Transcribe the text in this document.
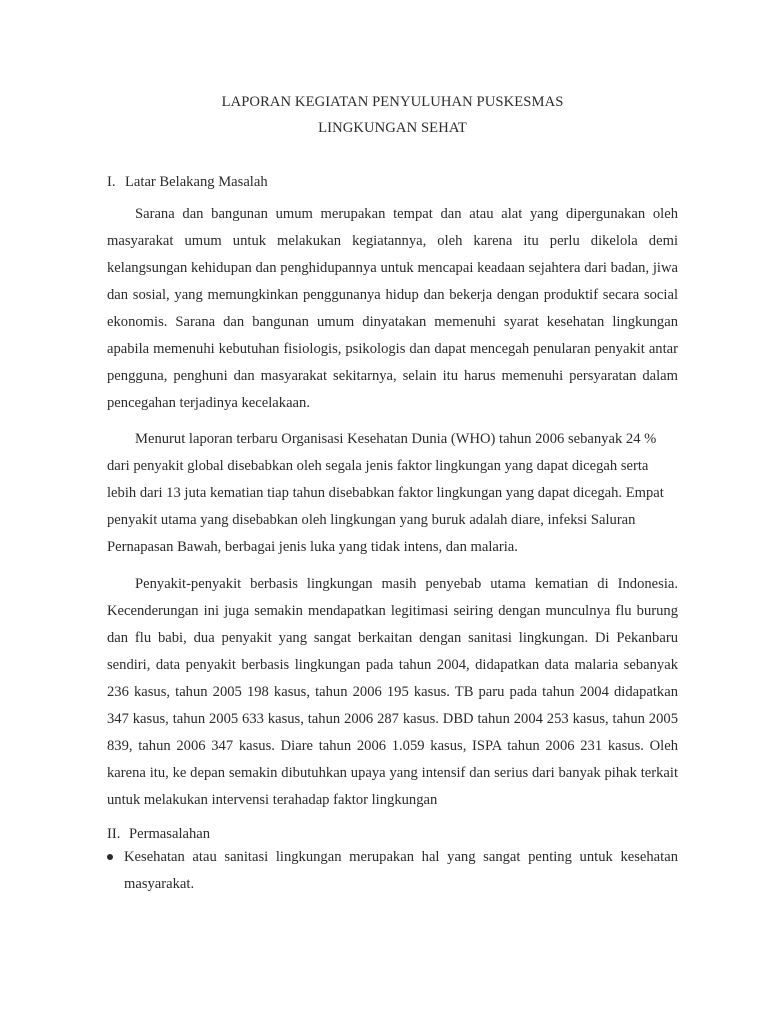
LAPORAN KEGIATAN PENYULUHAN PUSKESMAS
LINGKUNGAN SEHAT
I. Latar Belakang Masalah

Sarana dan bangunan umum merupakan tempat dan atau alat yang dipergunakan oleh masyarakat umum untuk melakukan kegiatannya, oleh karena itu perlu dikelola demi kelangsungan kehidupan dan penghidupannya untuk mencapai keadaan sejahtera dari badan, jiwa dan sosial, yang memungkinkan penggunanya hidup dan bekerja dengan produktif secara social ekonomis. Sarana dan bangunan umum dinyatakan memenuhi syarat kesehatan lingkungan apabila memenuhi kebutuhan fisiologis, psikologis dan dapat mencegah penularan penyakit antar pengguna, penghuni dan masyarakat sekitarnya, selain itu harus memenuhi persyaratan dalam pencegahan terjadinya kecelakaan.

Menurut laporan terbaru Organisasi Kesehatan Dunia (WHO) tahun 2006 sebanyak 24 % dari penyakit global disebabkan oleh segala jenis faktor lingkungan yang dapat dicegah serta lebih dari 13 juta kematian tiap tahun disebabkan faktor lingkungan yang dapat dicegah. Empat penyakit utama yang disebabkan oleh lingkungan yang buruk adalah diare, infeksi Saluran Pernapasan Bawah, berbagai jenis luka yang tidak intens, dan malaria.

Penyakit-penyakit berbasis lingkungan masih penyebab utama kematian di Indonesia. Kecenderungan ini juga semakin mendapatkan legitimasi seiring dengan munculnya flu burung dan flu babi, dua penyakit yang sangat berkaitan dengan sanitasi lingkungan. Di Pekanbaru sendiri, data penyakit berbasis lingkungan pada tahun 2004, didapatkan data malaria sebanyak 236 kasus, tahun 2005 198 kasus, tahun 2006 195 kasus. TB paru pada tahun 2004 didapatkan 347 kasus, tahun 2005 633 kasus, tahun 2006 287 kasus. DBD tahun 2004 253 kasus, tahun 2005 839, tahun 2006 347 kasus. Diare tahun 2006 1.059 kasus, ISPA tahun 2006 231 kasus. Oleh karena itu, ke depan semakin dibutuhkan upaya yang intensif dan serius dari banyak pihak terkait untuk melakukan intervensi terahadap faktor lingkungan

II. Permasalahan
Kesehatan atau sanitasi lingkungan merupakan hal yang sangat penting untuk kesehatan masyarakat.
